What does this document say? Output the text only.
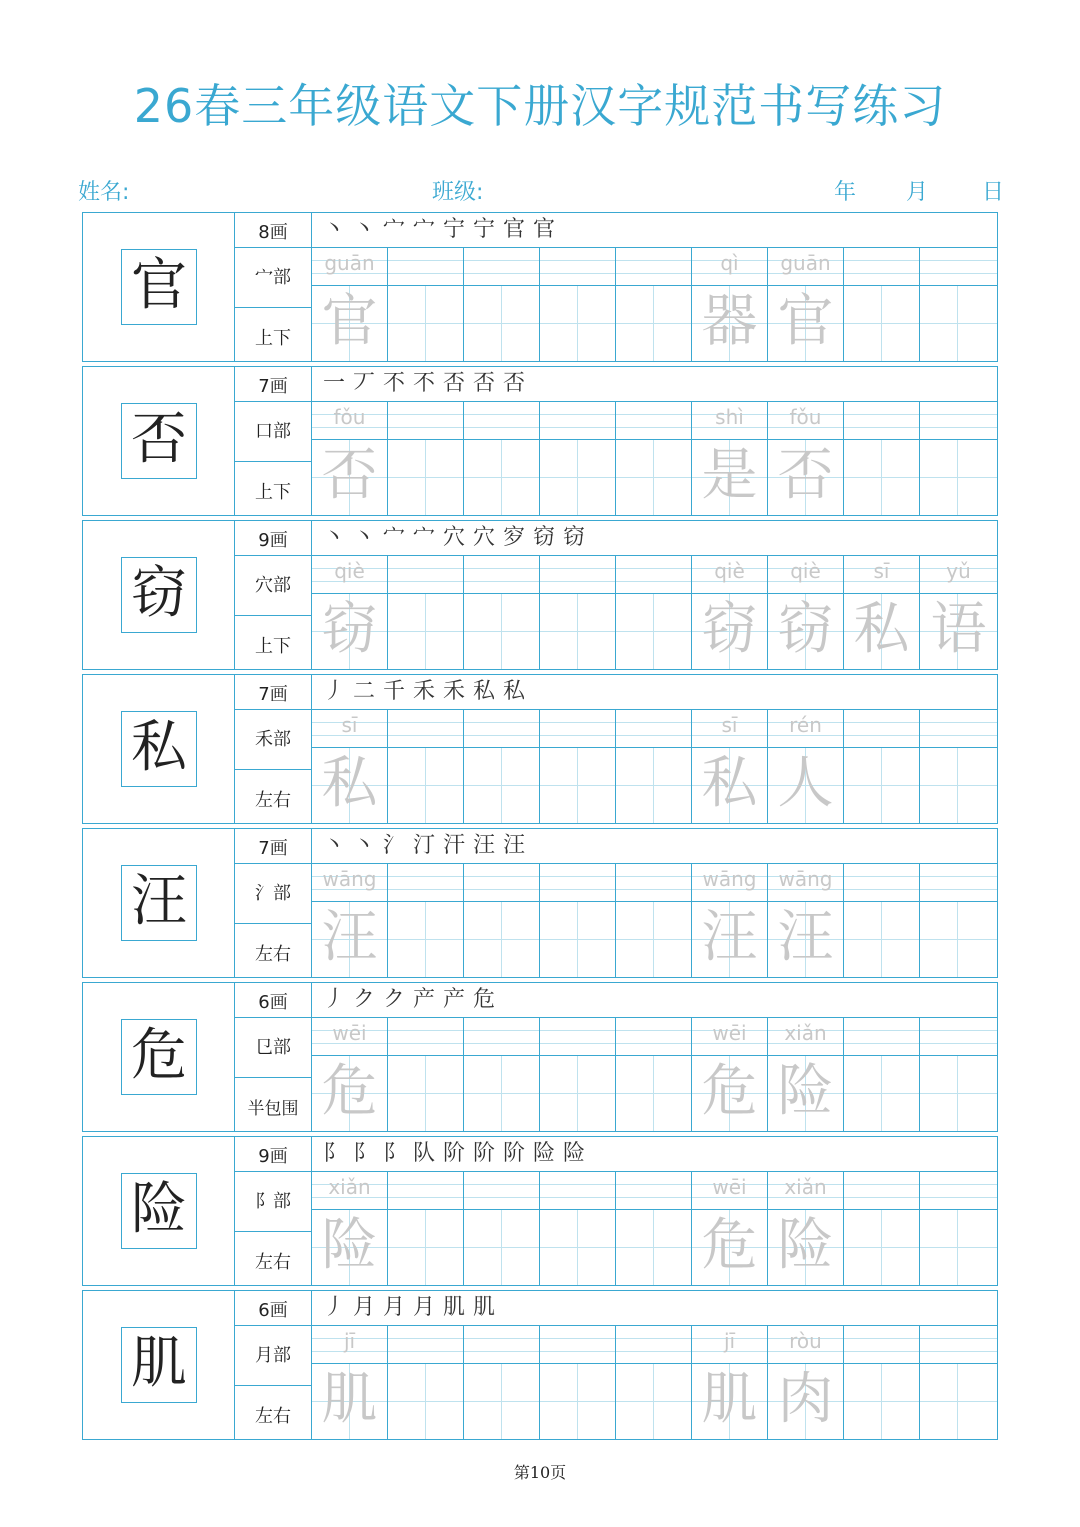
26春三年级语文下册汉字规范书写练习
姓名:	班级:	年 月 日
官
8画
宀部
上下
丶 丶 宀 宀 宁 宁 官 官
guān
官
qì
器
guān
官
否
7画
口部
上下
一 丆 不 不 否 否 否
fǒu
否
shì
是
fǒu
否
窃
9画
穴部
上下
丶 丶 宀 宀 穴 穴 穸 窃 窃
qiè
窃
qiè
窃
qiè
窃
sī
私
yǔ
语
私
7画
禾部
左右
丿 二 千 禾 禾 私 私
sī
私
sī
私
rén
人
汪
7画
氵部
左右
丶 丶 氵 汀 汗 汪 汪
wāng
汪
wāng
汪
wāng
汪
危
6画
㔾部
半包围
丿 ク ク 产 产 危
wēi
危
wēi
危
xiǎn
险
险
9画
阝部
左右
阝 阝 阝 队 阶 阶 阶 险 险
xiǎn
险
wēi
危
xiǎn
险
肌
6画
月部
左右
丿 月 月 月 肌 肌
jī
肌
jī
肌
ròu
肉
第10页
